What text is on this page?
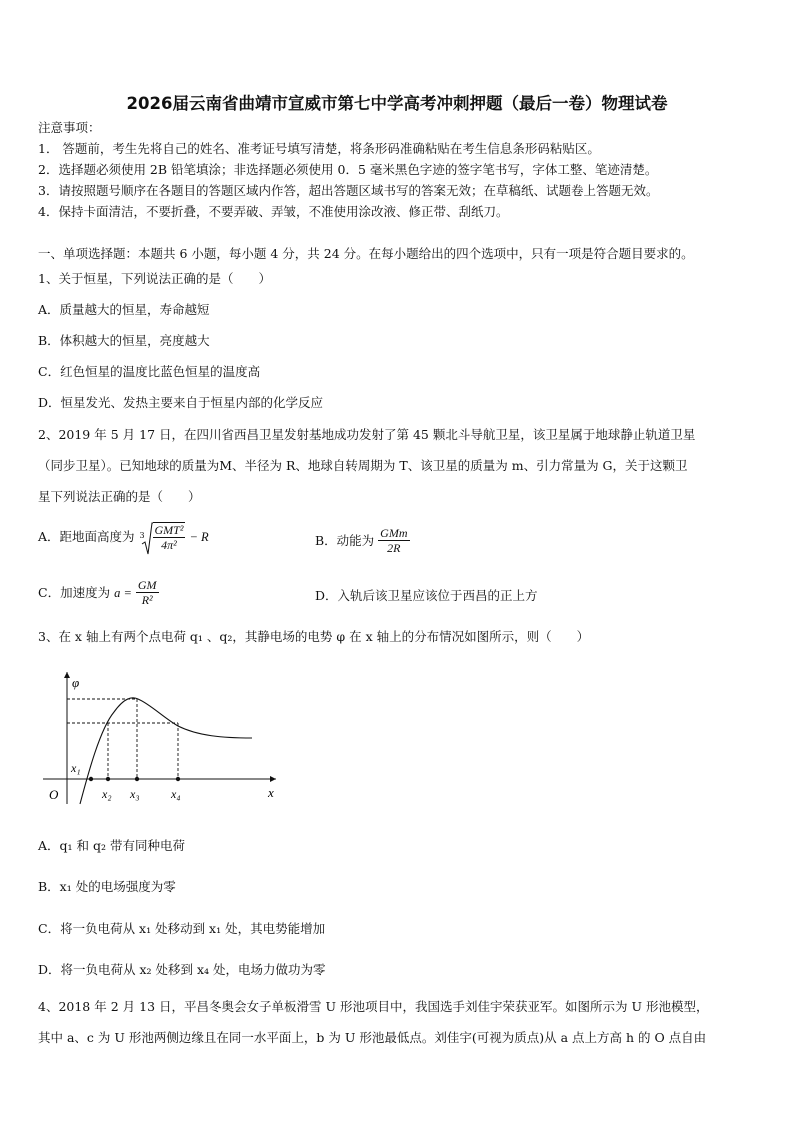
2026届云南省曲靖市宣威市第七中学高考冲刺押题（最后一卷）物理试卷
注意事项：
1． 答题前，考生先将自己的姓名、准考证号填写清楚，将条形码准确粘贴在考生信息条形码粘贴区。
2．选择题必须使用 2B 铅笔填涂；非选择题必须使用 0．5 毫米黑色字迹的签字笔书写，字体工整、笔迹清楚。
3．请按照题号顺序在各题目的答题区域内作答，超出答题区域书写的答案无效；在草稿纸、试题卷上答题无效。
4．保持卡面清洁，不要折叠，不要弄破、弄皱，不准使用涂改液、修正带、刮纸刀。
一、单项选择题：本题共 6 小题，每小题 4 分，共 24 分。在每小题给出的四个选项中，只有一项是符合题目要求的。
1、关于恒星，下列说法正确的是（　　）
A．质量越大的恒星，寿命越短
B．体积越大的恒星，亮度越大
C．红色恒星的温度比蓝色恒星的温度高
D．恒星发光、发热主要来自于恒星内部的化学反应
2、2019 年 5 月 17 日，在四川省西昌卫星发射基地成功发射了第 45 颗北斗导航卫星，该卫星属于地球静止轨道卫星
（同步卫星）。已知地球的质量为M、半径为 R、地球自转周期为 T、该卫星的质量为 m、引力常量为 G，关于这颗卫
星下列说法正确的是（　　）
A．距地面高度为 $3 \frac{\text{GMT²}}{\text{4π²}} - R$	B．动能为 $\frac{\text{GMm}}{2R}$
C．加速度为 $a = \frac{GM}{\text{R²}}$	D．入轨后该卫星应该位于西昌的正上方
3、在 x 轴上有两个点电荷 q₁ 、q₂，其静电场的电势 φ 在 x 轴上的分布情况如图所示，则（　　）
φ
x
O
x₁
x₂ x₃	x₄
A．q₁ 和 q₂ 带有同种电荷
B．x₁ 处的电场强度为零
C．将一负电荷从 x₁ 处移动到 x₁ 处，其电势能增加
D．将一负电荷从 x₂ 处移到 x₄ 处，电场力做功为零
4、2018 年 2 月 13 日，平昌冬奥会女子单板滑雪 U 形池项目中，我国选手刘佳宇荣获亚军。如图所示为 U 形池模型，
其中 a、c 为 U 形池两侧边缘且在同一水平面上，b 为 U 形池最低点。刘佳宇(可视为质点)从 a 点上方高 h 的 O 点自由
